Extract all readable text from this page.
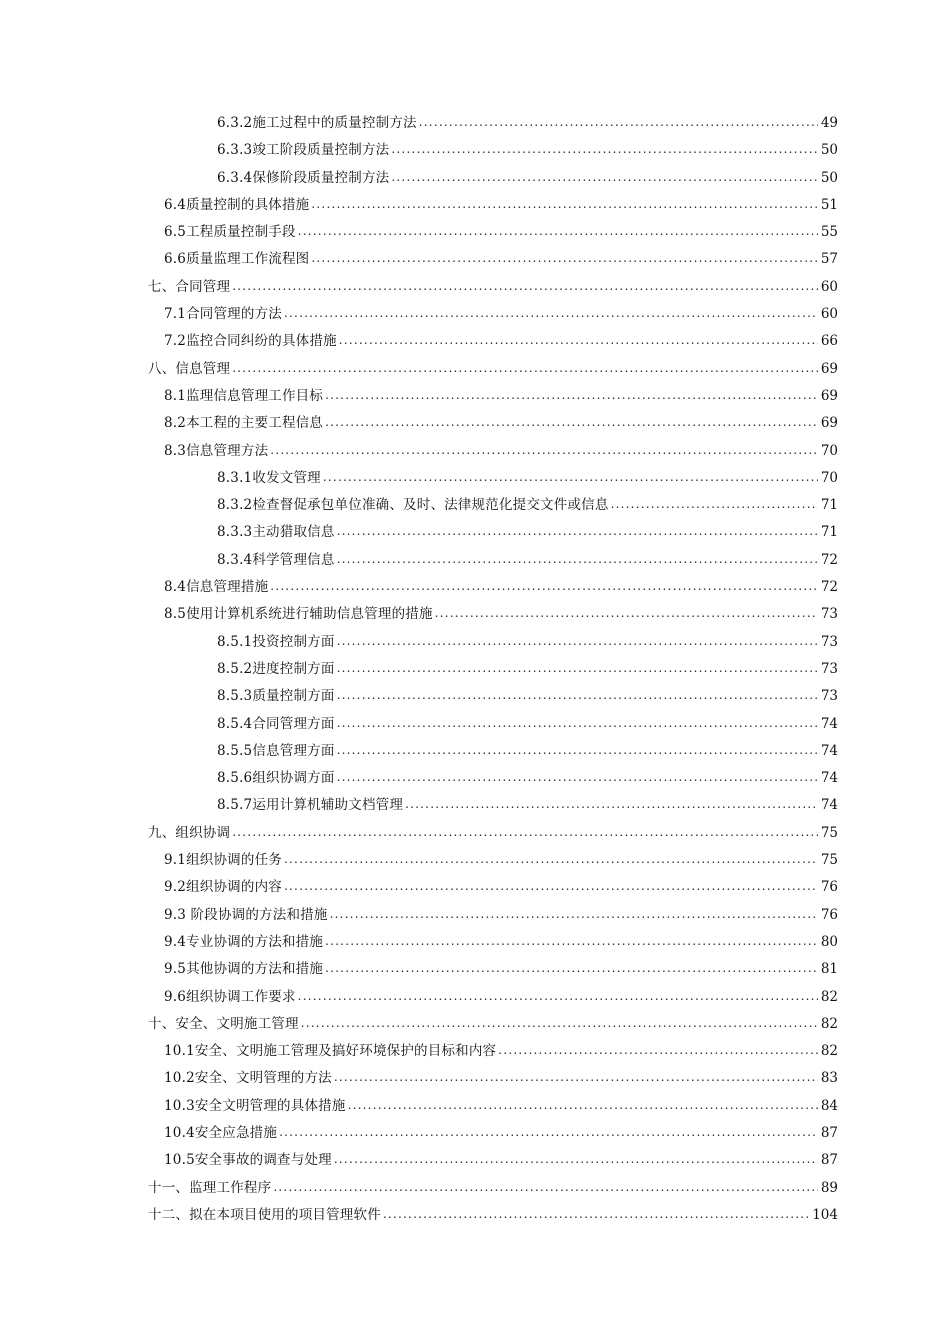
6.3.2施工过程中的质量控制方法 . . .	49
6.3.3竣工阶段质量控制方法 . . .	50
6.3.4保修阶段质量控制方法 . . .	50
6.4质量控制的具体措施 . . .	51
6.5工程质量控制手段 . . .	55
6.6质量监理工作流程图 . . .	57
七、合同管理 . . .	60
7.1合同管理的方法 . . .	60
7.2监控合同纠纷的具体措施 . . .	66
八、信息管理 . . .	69
8.1监理信息管理工作目标 . . .	69
8.2本工程的主要工程信息 . . .	69
8.3信息管理方法 . . .	70
8.3.1收发文管理 . . .	70
8.3.2检查督促承包单位准确、及时、法律规范化提交文件或信息 . . .	71
8.3.3主动猎取信息 . . .	71
8.3.4科学管理信息 . . .	72
8.4信息管理措施 . . .	72
8.5使用计算机系统进行辅助信息管理的措施 . . .	73
8.5.1投资控制方面 . . .	73
8.5.2进度控制方面 . . .	73
8.5.3质量控制方面 . . .	73
8.5.4合同管理方面 . . .	74
8.5.5信息管理方面 . . .	74
8.5.6组织协调方面 . . .	74
8.5.7运用计算机辅助文档管理 . . .	74
九、组织协调 . . .	75
9.1组织协调的任务 . . .	75
9.2组织协调的内容 . . .	76
9.3 阶段协调的方法和措施 . . .	76
9.4专业协调的方法和措施 . . .	80
9.5其他协调的方法和措施 . . .	81
9.6组织协调工作要求 . . .	82
十、安全、文明施工管理 . . .	82
10.1安全、文明施工管理及搞好环境保护的目标和内容 . . .	82
10.2安全、文明管理的方法 . . .	83
10.3安全文明管理的具体措施 . . .	84
10.4安全应急措施 . . .	87
10.5安全事故的调查与处理 . . .	87
十一、监理工作程序 . . .	89
十二、拟在本项目使用的项目管理软件 . . .	104
